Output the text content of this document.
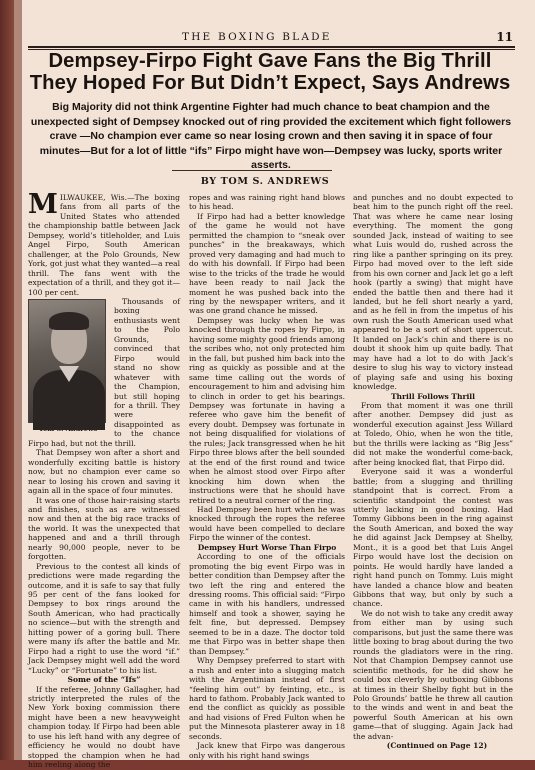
THE BOXING BLADE	11
Dempsey-Firpo Fight Gave Fans the Big Thrill They Hoped For But Didn’t Expect, Says Andrews
Big Majority did not think Argentine Fighter had much chance to beat champion and the unexpected sight of Dempsey knocked out of ring provided the excitement which fight followers crave —No champion ever came so near losing crown and then saving it in space of four minutes—But for a lot of little “ifs” Firpo might have won—Dempsey was lucky, sports writer asserts.
BY TOM S. ANDREWS

MILWAUKEE, Wis.—The boxing fans from all parts of the United States who attended the championship battle between Jack Dempsey, world’s titleholder, and Luis Angel Firpo, South American challenger, at the Polo Grounds, New York, got just what they wanted—a real thrill. The fans went with the expectation of a thrill, and they got it—100 per cent.

Thousands of boxing enthusiasts went to the Polo Grounds, convinced that Firpo would stand no show whatever with the Champion, but still hoping for a thrill. They were disappointed as to the chance Firpo had, but not the thrill.

That Dempsey won after a short and wonderfully exciting battle is history now, but no champion ever came so near to losing his crown and saving it again all in the space of four minutes.

It was one of those hair-raising starts and finishes, such as are witnessed now and then at the big race tracks of the world. It was the unexpected that happened and and a thrill through nearly 90,000 people, never to be forgotten.

Previous to the contest all kinds of predictions were made regarding the outcome, and it is safe to say that fully 95 per cent of the fans looked for Dempsey to box rings around the South American, who had practically no science—but with the strength and hitting power of a goring bull. There were many ifs after the battle and Mr. Firpo had a right to use the word “if.” Jack Dempsey might well add the word “Lucky” or “Fortunate” to his list.

Some of the “Ifs”

If the referee, Johnny Gallagher, had strictly interpreted the rules of the New York boxing commission there might have been a new heavyweight champion today. If Firpo had been able to use his left hand with any degree of efficiency he would no doubt have stopped the champion when he had him reeling along the

ropes and was raining right hand blows to his head.

If Firpo had had a better knowledge of the game he would not have permitted the champion to “sneak over punches” in the breakaways, which proved very damaging and had much to do with his downfall. If Firpo had been wise to the tricks of the trade he would have been ready to nail Jack the moment he was pushed back into the ring by the newspaper writers, and it was one grand chance he missed.

Dempsey was lucky when he was knocked through the ropes by Firpo, in having some mighty good friends among the scribes who, not only protected him in the fall, but pushed him back into the ring as quickly as possible and at the same time calling out the words of encouragement to him and advising him to clinch in order to get his bearings. Dempsey was fortunate in having a referee who gave him the benefit of every doubt. Dempsey was fortunate in not being disqualified for violations of the rules; Jack transgressed when he hit Firpo three blows after the bell sounded at the end of the first round and twice when he almost stood over Firpo after knocking him down when the instructions were that he should have retired to a neutral corner of the ring.

Had Dempsey been hurt when he was knocked through the ropes the referee would have been compelled to declare Firpo the winner of the contest.

Dempsey Hurt Worse Than Firpo

According to one of the officials promoting the big event Firpo was in better condition than Dempsey after the two left the ring and entered the dressing rooms. This official said: “Firpo came in with his handlers, undressed himself and took a shower, saying he felt fine, but depressed. Dempsey seemed to be in a daze. The doctor told me that Firpo was in better shape then than Dempsey.”

Why Dempsey preferred to start with a rush and enter into a slugging match with the Argentinian instead of first “feeling him out” by feinting, etc., is hard to fathom. Probably Jack wanted to end the conflict as quickly as possible and had visions of Fred Fulton when he put the Minnesota plasterer away in 18 seconds.

Jack knew that Firpo was dangerous only with his right hand swings

and punches and no doubt expected to beat him to the punch right off the reel. That was where he came near losing everything. The moment the gong sounded Jack, instead of waiting to see what Luis would do, rushed across the ring like a panther springing on its prey. Firpo had moved over to the left side from his own corner and Jack let go a left hook (partly a swing) that might have ended the battle then and there had it landed, but he fell short nearly a yard, and as he fell in from the impetus of his own rush the South American used what appeared to be a sort of short uppercut. It landed on Jack’s chin and there is no doubt it shook him up quite badly. That may have had a lot to do with Jack’s desire to slug his way to victory instead of playing safe and using his boxing knowledge.

Thrill Follows Thrill

From that moment it was one thrill after another. Dempsey did just as wonderful execution against Jess Willard at Toledo, Ohio, when he won the title, but the thrills were lacking as “Big Jess” did not make the wonderful come-back, after being knocked flat, that Firpo did.

Everyone said it was a wonderful battle; from a slugging and thrilling standpoint that is correct. From a scientific standpoint the contest was utterly lacking in good boxing. Had Tommy Gibbons been in the ring against the South American, and boxed the way he did against Jack Dempsey at Shelby, Mont., it is a good bet that Luis Angel Firpo would have lost the decision on points. He would hardly have landed a right hand punch on Tommy. Luis might have landed a chance blow and beaten Gibbons that way, but only by such a chance.

We do not wish to take any credit away from either man by using such comparisons, but just the same there was little boxing to brag about during the two rounds the gladiators were in the ring. Not that Champion Dempsey cannot use scientific methods, for he did show he could box cleverly by outboxing Gibbons at times in their Shelby fight but in the Polo Grounds’ battle he threw all caution to the winds and went in and beat the powerful South American at his own game—that of slugging. Again Jack had the advan-

(Continued on Page 12)
